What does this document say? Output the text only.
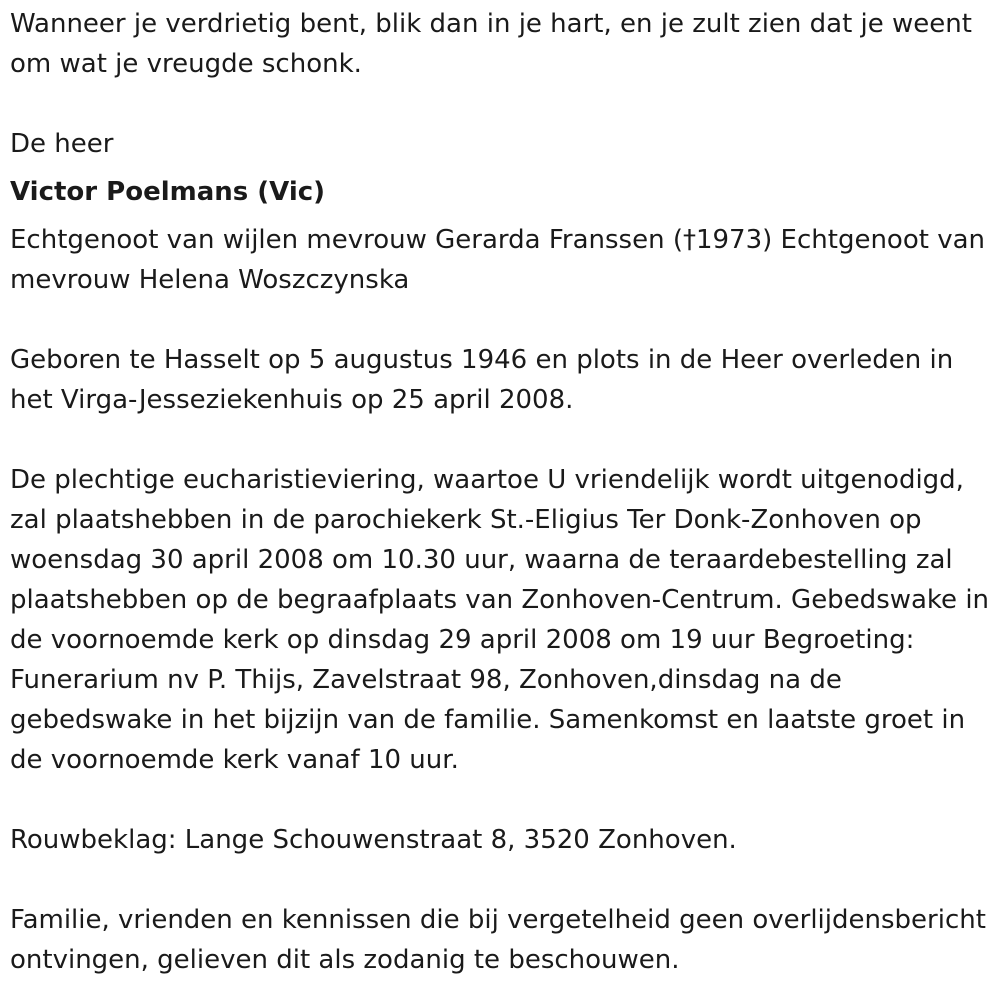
Wanneer je verdrietig bent, blik dan in je hart, en je zult zien dat je weent om wat je vreugde schonk.

De heer

Victor Poelmans (Vic)

Echtgenoot van wijlen mevrouw Gerarda Franssen (†1973) Echtgenoot van mevrouw Helena Woszczynska

Geboren te Hasselt op 5 augustus 1946 en plots in de Heer overleden in het Virga-Jesseziekenhuis op 25 april 2008.

De plechtige eucharistieviering, waartoe U vriendelijk wordt uitgenodigd, zal plaatshebben in de parochiekerk St.-Eligius Ter Donk-Zonhoven op woensdag 30 april 2008 om 10.30 uur, waarna de teraardebestelling zal plaatshebben op de begraafplaats van Zonhoven-Centrum. Gebedswake in de voornoemde kerk op dinsdag 29 april 2008 om 19 uur Begroeting: Funerarium nv P. Thijs, Zavelstraat 98, Zonhoven,dinsdag na de gebedswake in het bijzijn van de familie. Samenkomst en laatste groet in de voornoemde kerk vanaf 10 uur.

Rouwbeklag: Lange Schouwenstraat 8, 3520 Zonhoven.

Familie, vrienden en kennissen die bij vergetelheid geen overlijdensbericht ontvingen, gelieven dit als zodanig te beschouwen.
